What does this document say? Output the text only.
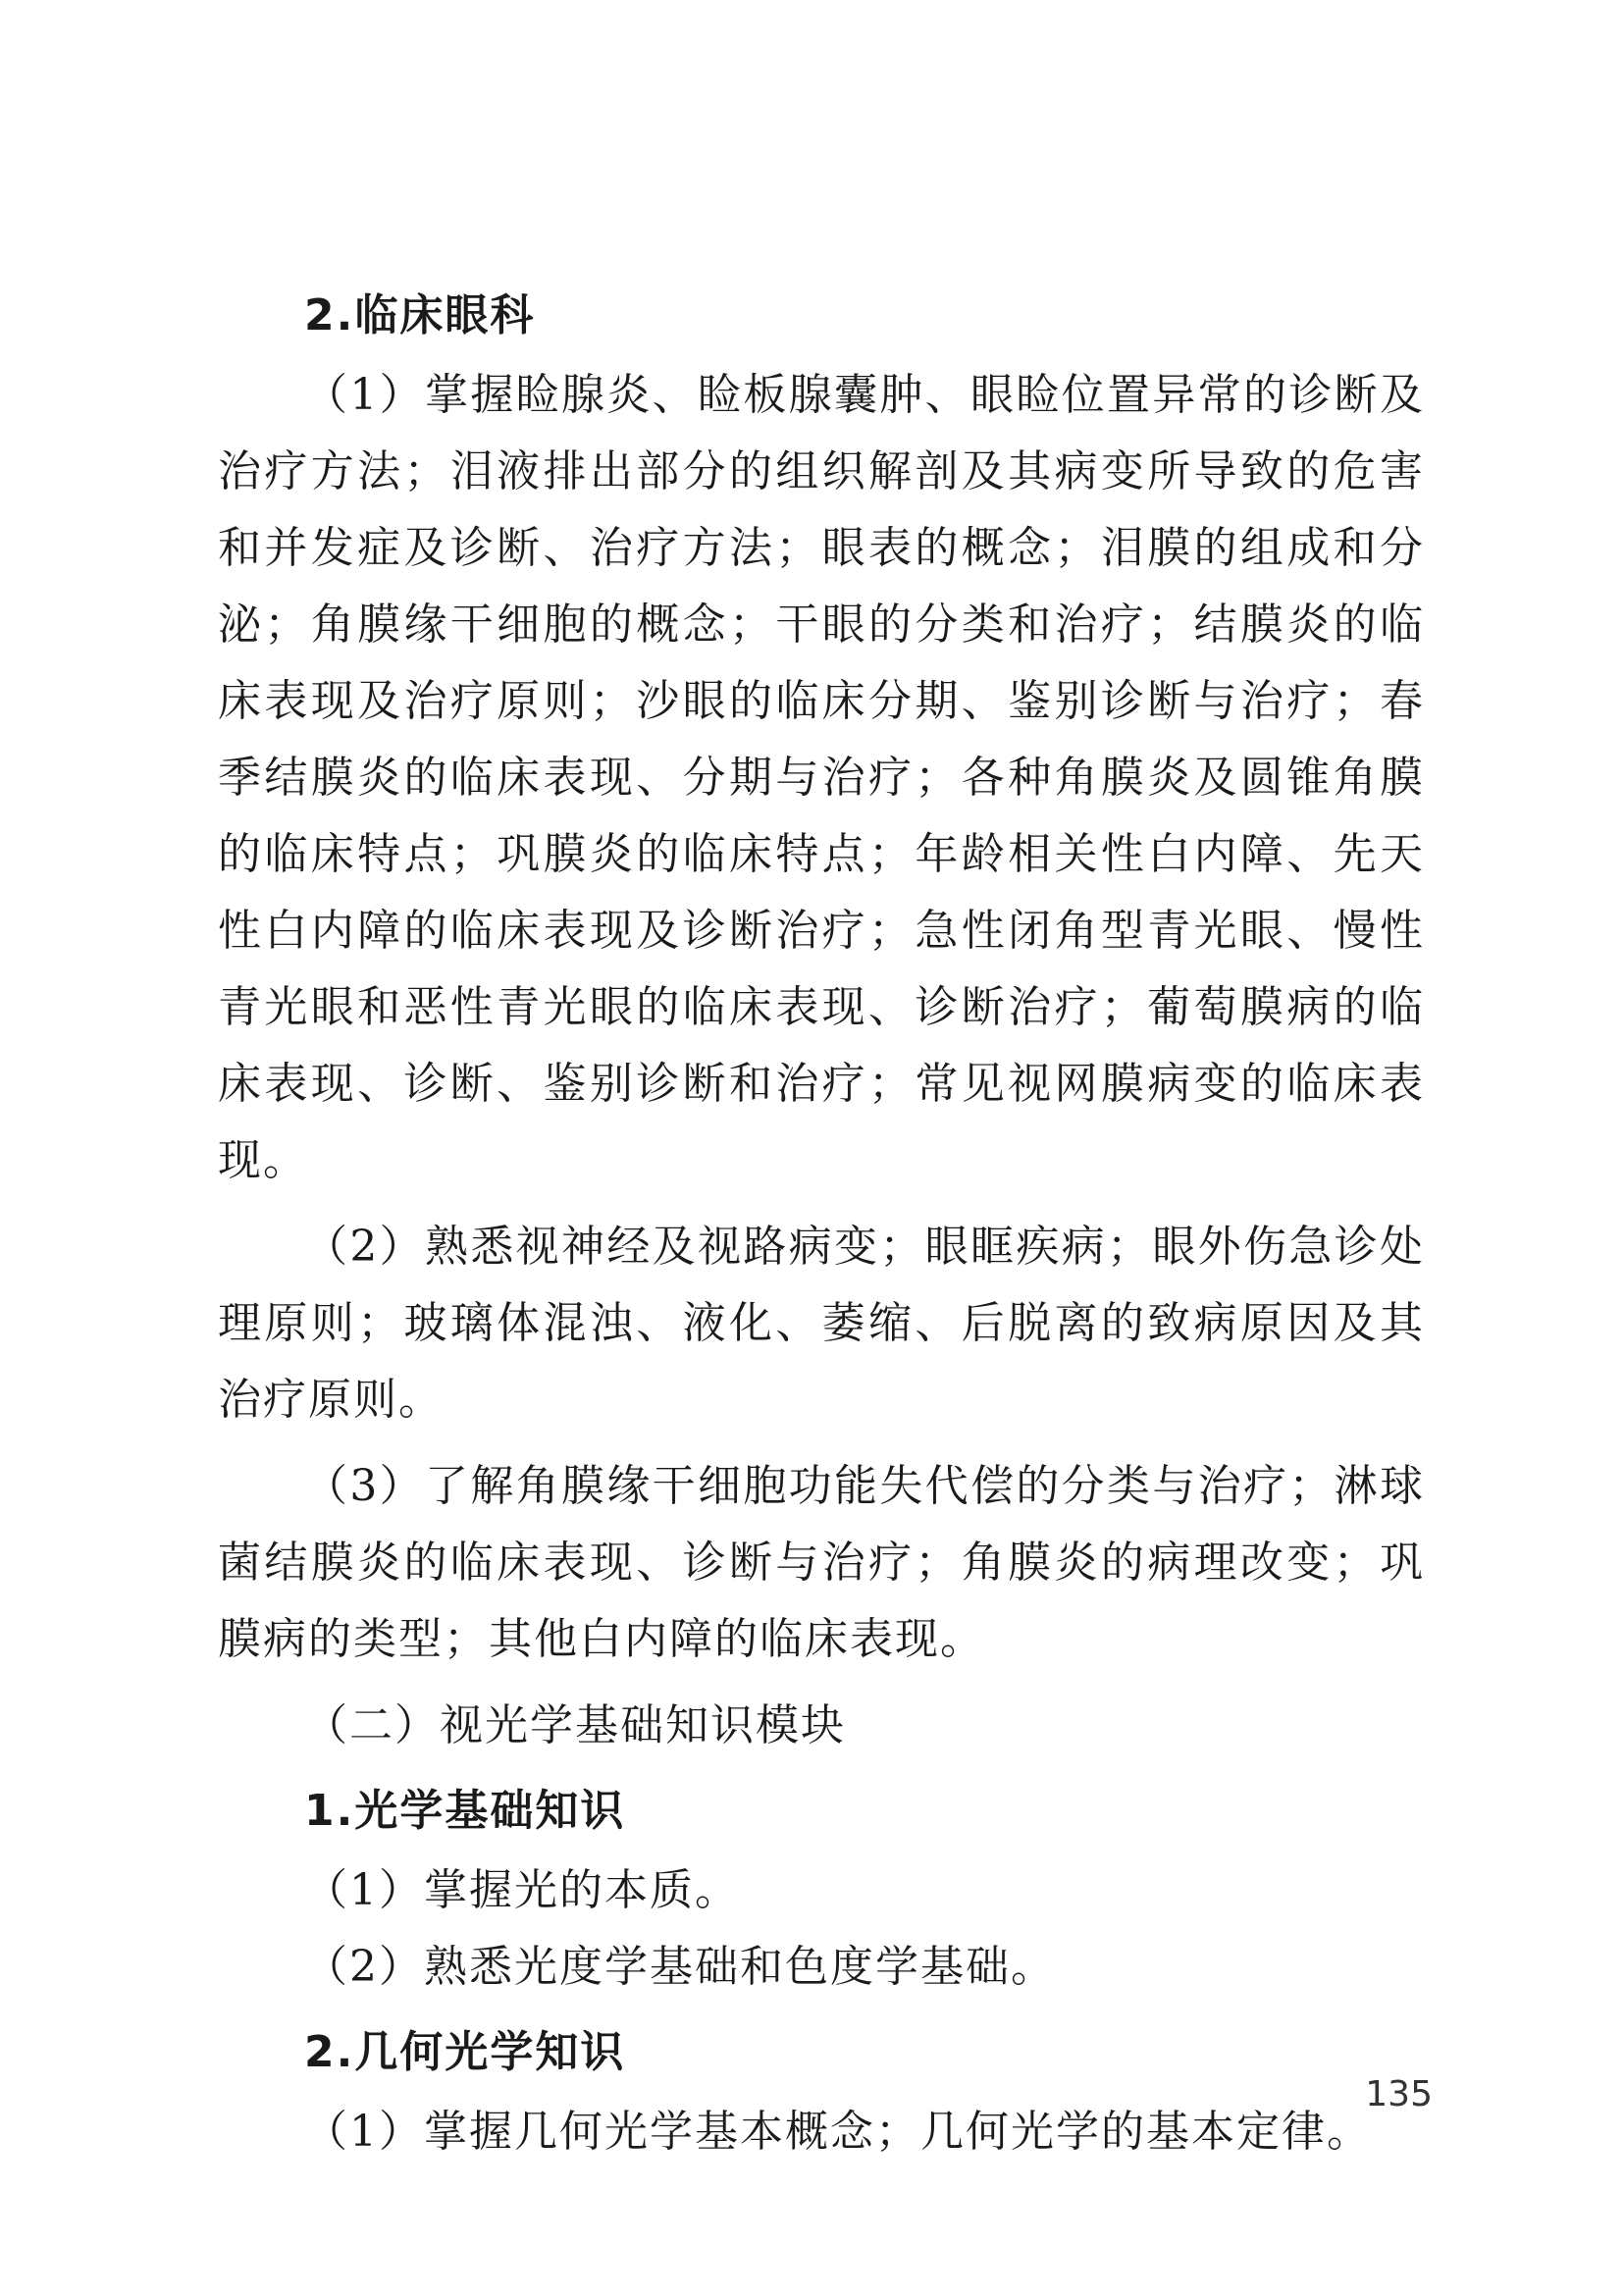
2.临床眼科

（1）掌握睑腺炎、睑板腺囊肿、眼睑位置异常的诊断及治疗方法；泪液排出部分的组织解剖及其病变所导致的危害和并发症及诊断、治疗方法；眼表的概念；泪膜的组成和分泌；角膜缘干细胞的概念；干眼的分类和治疗；结膜炎的临床表现及治疗原则；沙眼的临床分期、鉴别诊断与治疗；春季结膜炎的临床表现、分期与治疗；各种角膜炎及圆锥角膜的临床特点；巩膜炎的临床特点；年龄相关性白内障、先天性白内障的临床表现及诊断治疗；急性闭角型青光眼、慢性青光眼和恶性青光眼的临床表现、诊断治疗；葡萄膜病的临床表现、诊断、鉴别诊断和治疗；常见视网膜病变的临床表现。

（2）熟悉视神经及视路病变；眼眶疾病；眼外伤急诊处理原则；玻璃体混浊、液化、萎缩、后脱离的致病原因及其治疗原则。

（3）了解角膜缘干细胞功能失代偿的分类与治疗；淋球菌结膜炎的临床表现、诊断与治疗；角膜炎的病理改变；巩膜病的类型；其他白内障的临床表现。

（二）视光学基础知识模块

1.光学基础知识

（1）掌握光的本质。

（2）熟悉光度学基础和色度学基础。

2.几何光学知识

（1）掌握几何光学基本概念；几何光学的基本定律。

135
